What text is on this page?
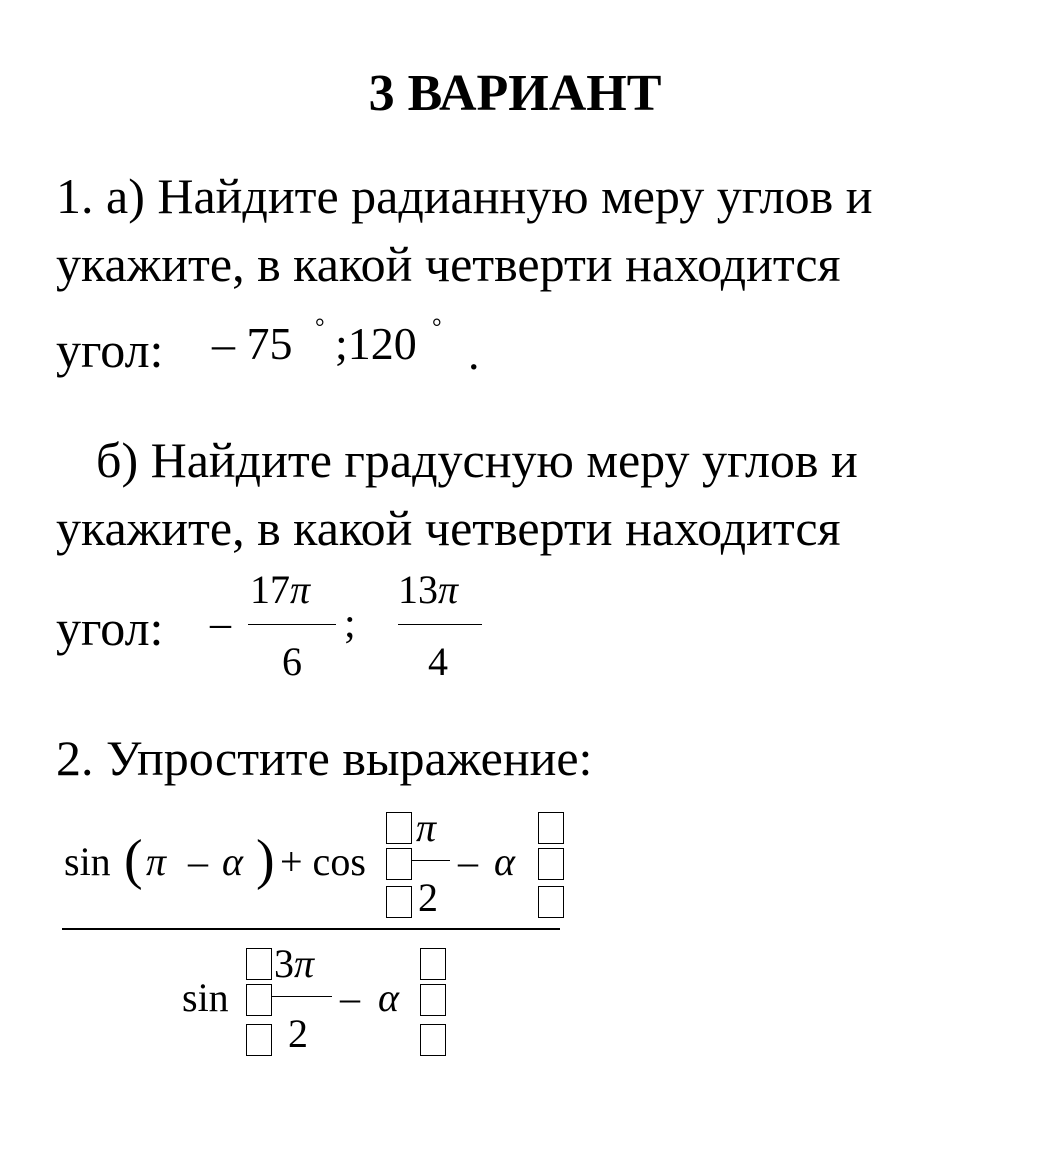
3 ВАРИАНТ
1. а) Найдите радианную меру углов и
укажите, в какой четверти находится
угол: – 75 ° ;120 ° .
б) Найдите градусную меру углов и
укажите, в какой четверти находится
угол: –
17π
6
;
13π
4
2. Упростите выражение:
sin ( π – α ) + cos
π
2
– α
sin
3π
2
– α
